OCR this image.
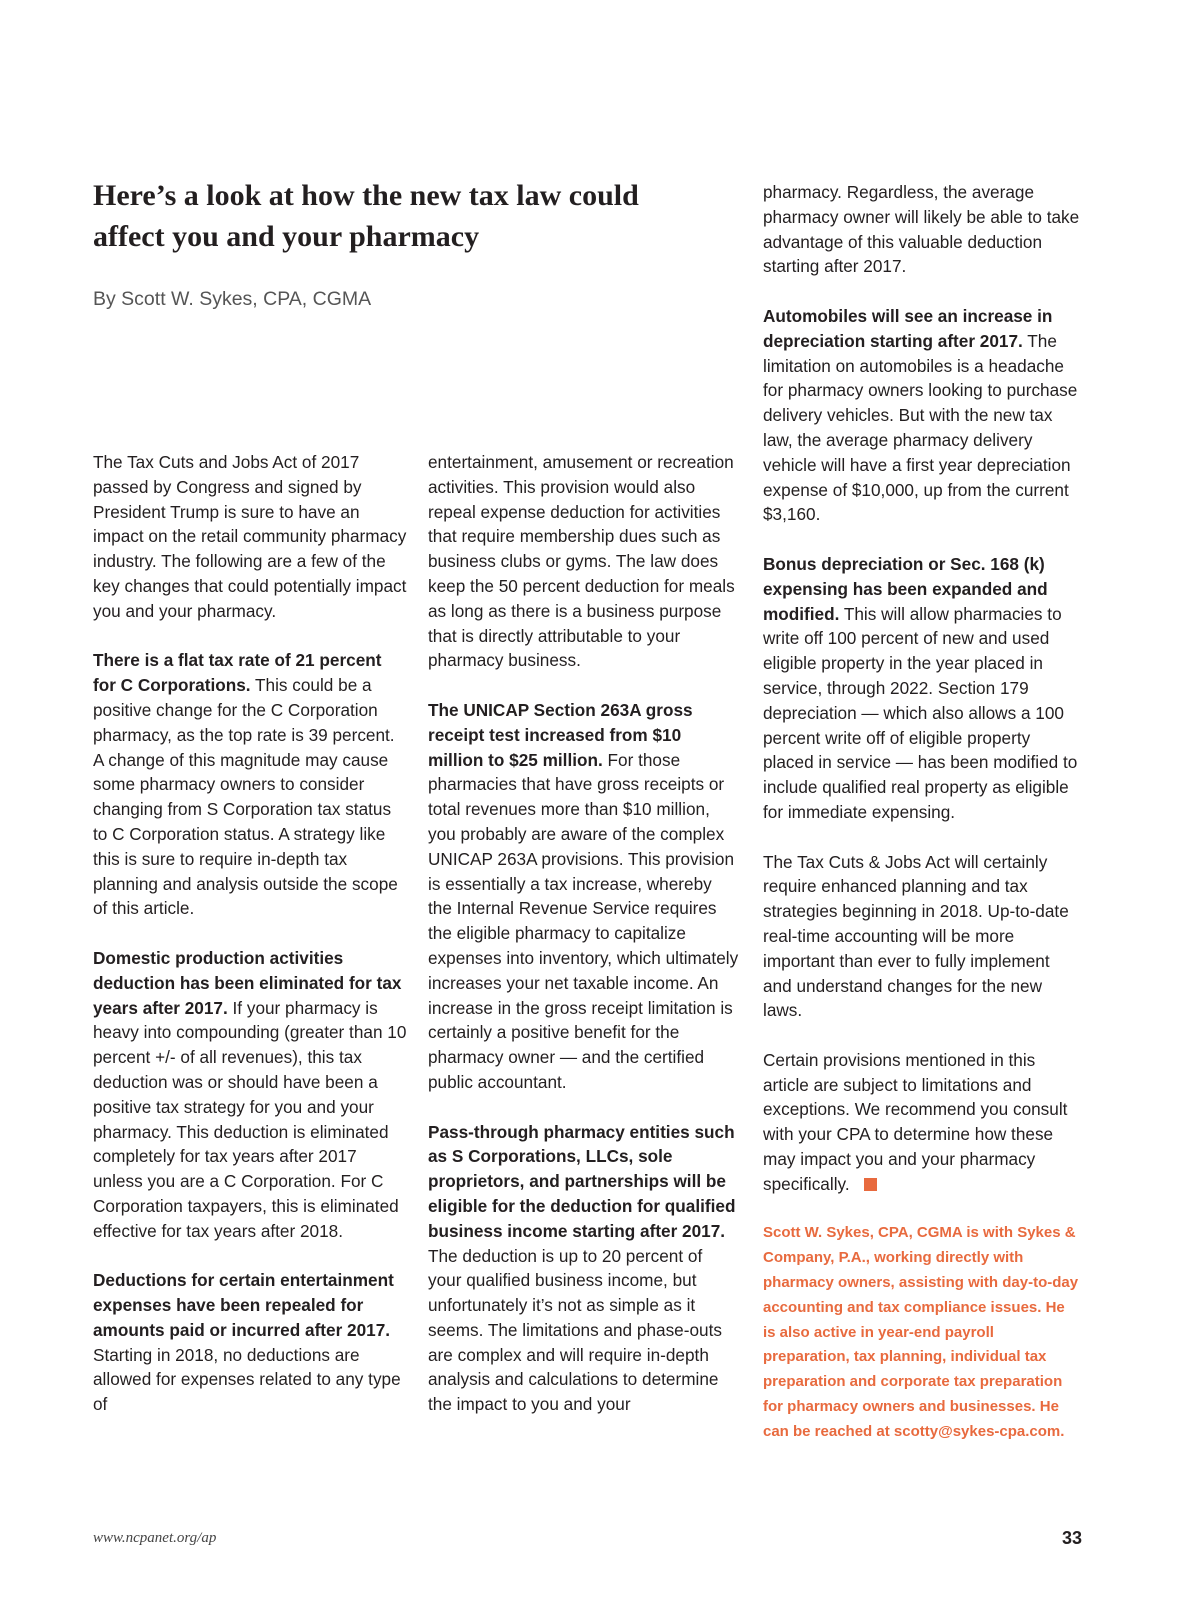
Here’s a look at how the new tax law could affect you and your pharmacy
By Scott W. Sykes, CPA, CGMA

The Tax Cuts and Jobs Act of 2017 passed by Congress and signed by President Trump is sure to have an impact on the retail community pharmacy industry. The following are a few of the key changes that could potentially impact you and your pharmacy.

There is a flat tax rate of 21 percent for C Corporations. This could be a positive change for the C Corporation pharmacy, as the top rate is 39 percent. A change of this magnitude may cause some pharmacy owners to consider changing from S Corporation tax status to C Corporation status. A strategy like this is sure to require in-depth tax planning and analysis outside the scope of this article.

Domestic production activities deduction has been eliminated for tax years after 2017. If your pharmacy is heavy into compounding (greater than 10 percent +/- of all revenues), this tax deduction was or should have been a positive tax strategy for you and your pharmacy. This deduction is eliminated completely for tax years after 2017 unless you are a C Corporation. For C Corporation taxpayers, this is eliminated effective for tax years after 2018.

Deductions for certain entertainment expenses have been repealed for amounts paid or incurred after 2017. Starting in 2018, no deductions are allowed for expenses related to any type of

entertainment, amusement or recreation activities. This provision would also repeal expense deduction for activities that require membership dues such as business clubs or gyms. The law does keep the 50 percent deduction for meals as long as there is a business purpose that is directly attributable to your pharmacy business.

The UNICAP Section 263A gross receipt test increased from $10 million to $25 million. For those pharmacies that have gross receipts or total revenues more than $10 million, you probably are aware of the complex UNICAP 263A provisions. This provision is essentially a tax increase, whereby the Internal Revenue Service requires the eligible pharmacy to capitalize expenses into inventory, which ultimately increases your net taxable income. An increase in the gross receipt limitation is certainly a positive benefit for the pharmacy owner — and the certified public accountant.

Pass-through pharmacy entities such as S Corporations, LLCs, sole proprietors, and partnerships will be eligible for the deduction for qualified business income starting after 2017. The deduction is up to 20 percent of your qualified business income, but unfortunately it’s not as simple as it seems. The limitations and phase-outs are complex and will require in-depth analysis and calculations to determine the impact to you and your

pharmacy. Regardless, the average pharmacy owner will likely be able to take advantage of this valuable deduction starting after 2017.

Automobiles will see an increase in depreciation starting after 2017. The limitation on automobiles is a headache for pharmacy owners looking to purchase delivery vehicles. But with the new tax law, the average pharmacy delivery vehicle will have a first year depreciation expense of $10,000, up from the current $3,160.

Bonus depreciation or Sec. 168 (k) expensing has been expanded and modified. This will allow pharmacies to write off 100 percent of new and used eligible property in the year placed in service, through 2022. Section 179 depreciation — which also allows a 100 percent write off of eligible property placed in service — has been modified to include qualified real property as eligible for immediate expensing.

The Tax Cuts & Jobs Act will certainly require enhanced planning and tax strategies beginning in 2018. Up-to-date real-time accounting will be more important than ever to fully implement and understand changes for the new laws.

Certain provisions mentioned in this article are subject to limitations and exceptions. We recommend you consult with your CPA to determine how these may impact you and your pharmacy specifically.

Scott W. Sykes, CPA, CGMA is with Sykes & Company, P.A., working directly with pharmacy owners, assisting with day-to-day accounting and tax compliance issues. He is also active in year-end payroll preparation, tax planning, individual tax preparation and corporate tax preparation for pharmacy owners and businesses. He can be reached at scotty@sykes-cpa.com.

www.ncpanet.org/ap	33
